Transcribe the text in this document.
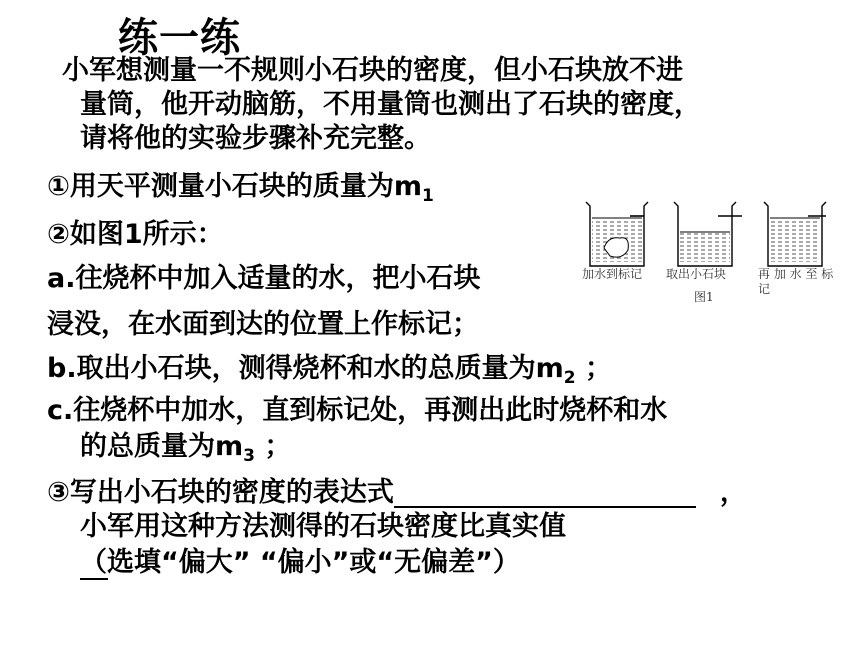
练一练
小军想测量一不规则小石块的密度，但小石块放不进
量筒，他开动脑筋，不用量筒也测出了石块的密度，
请将他的实验步骤补充完整。
①用天平测量小石块的质量为$m_1$
②如图1所示：
a.往烧杯中加入适量的水，把小石块
浸没，在水面到达的位置上作标记；
b.取出小石块，测得烧杯和水的总质量为$m_2$ ；
c.往烧杯中加水，直到标记处，再测出此时烧杯和水
的总质量为$m_3$ ；
③写出小石块的密度的表达式	，
小军用这种方法测得的石块密度比真实值
（选填“偏大” “偏小”或“无偏差”）
加水到标记 取出小石块	再 加 水 至 标
记
图1
